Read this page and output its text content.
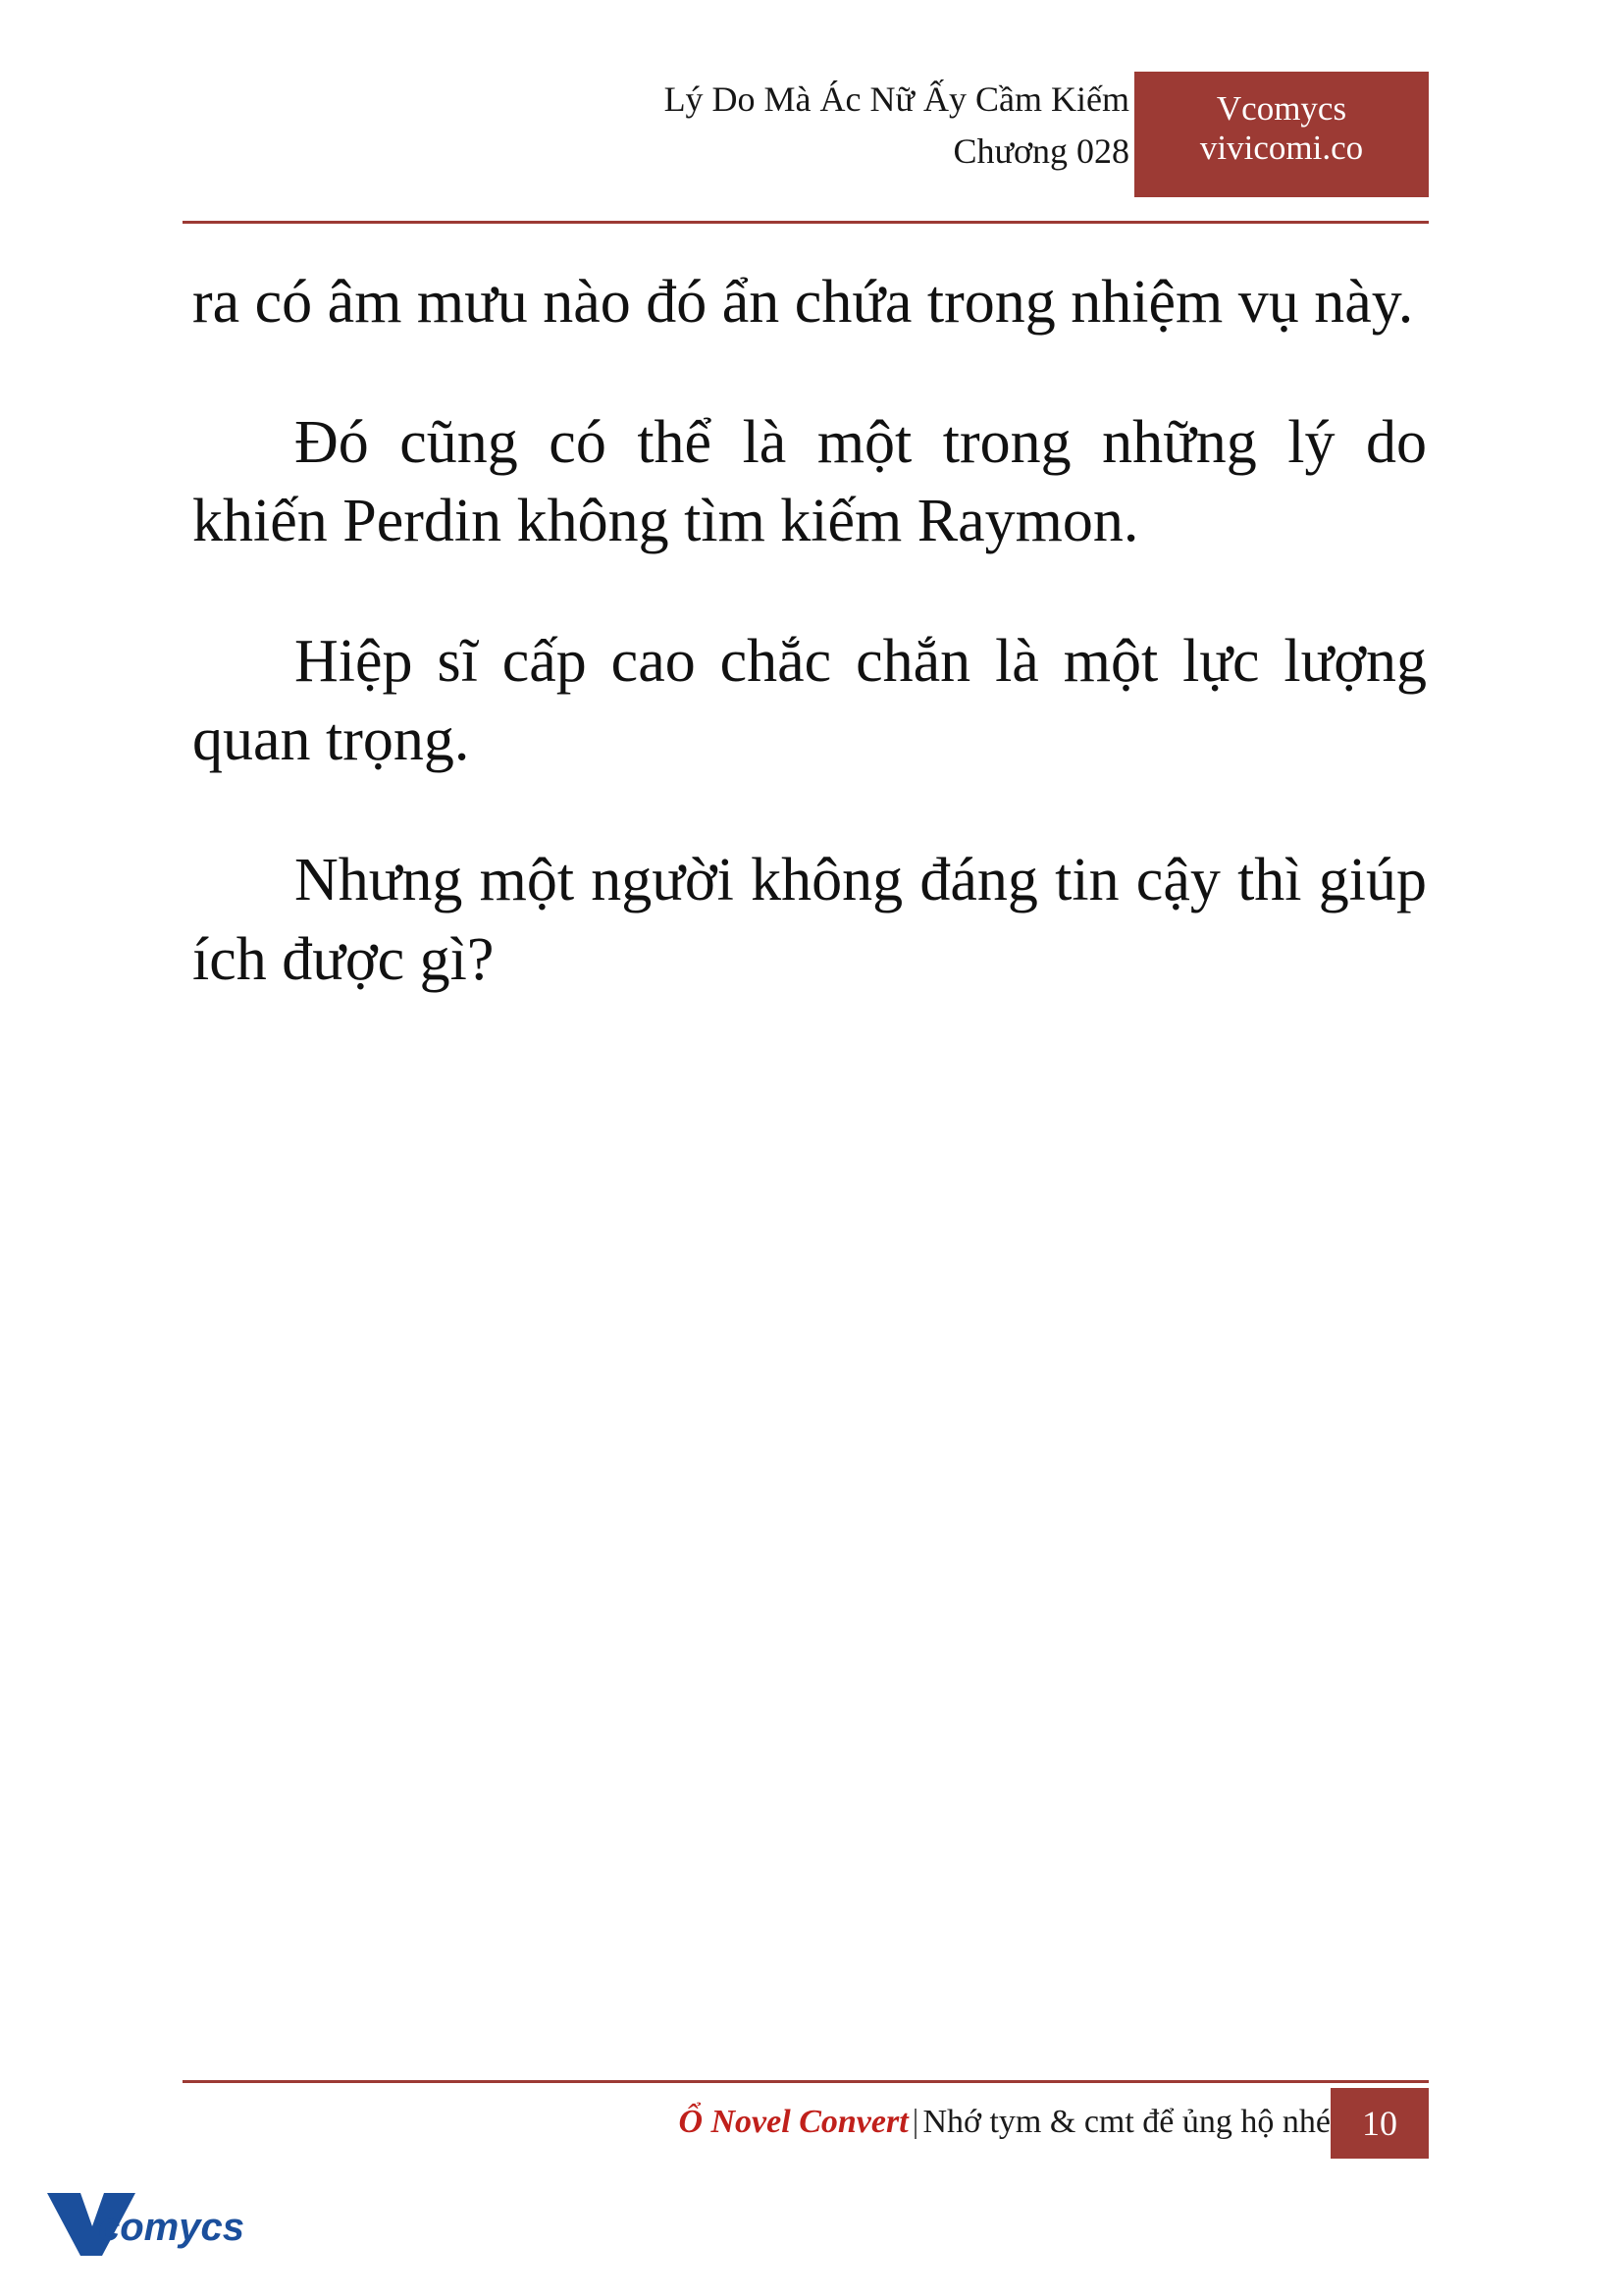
Lý Do Mà Ác Nữ Ấy Cầm Kiếm
Chương 028
Vcomycs
vivicomi.co

ra có âm mưu nào đó ẩn chứa trong nhiệm vụ này.

Đó cũng có thể là một trong những lý do khiến Perdin không tìm kiếm Raymon.

Hiệp sĩ cấp cao chắc chắn là một lực lượng quan trọng.

Nhưng một người không đáng tin cậy thì giúp ích được gì?

Ổ Novel Convert | Nhớ tym & cmt để ủng hộ nhé 10
comycs
